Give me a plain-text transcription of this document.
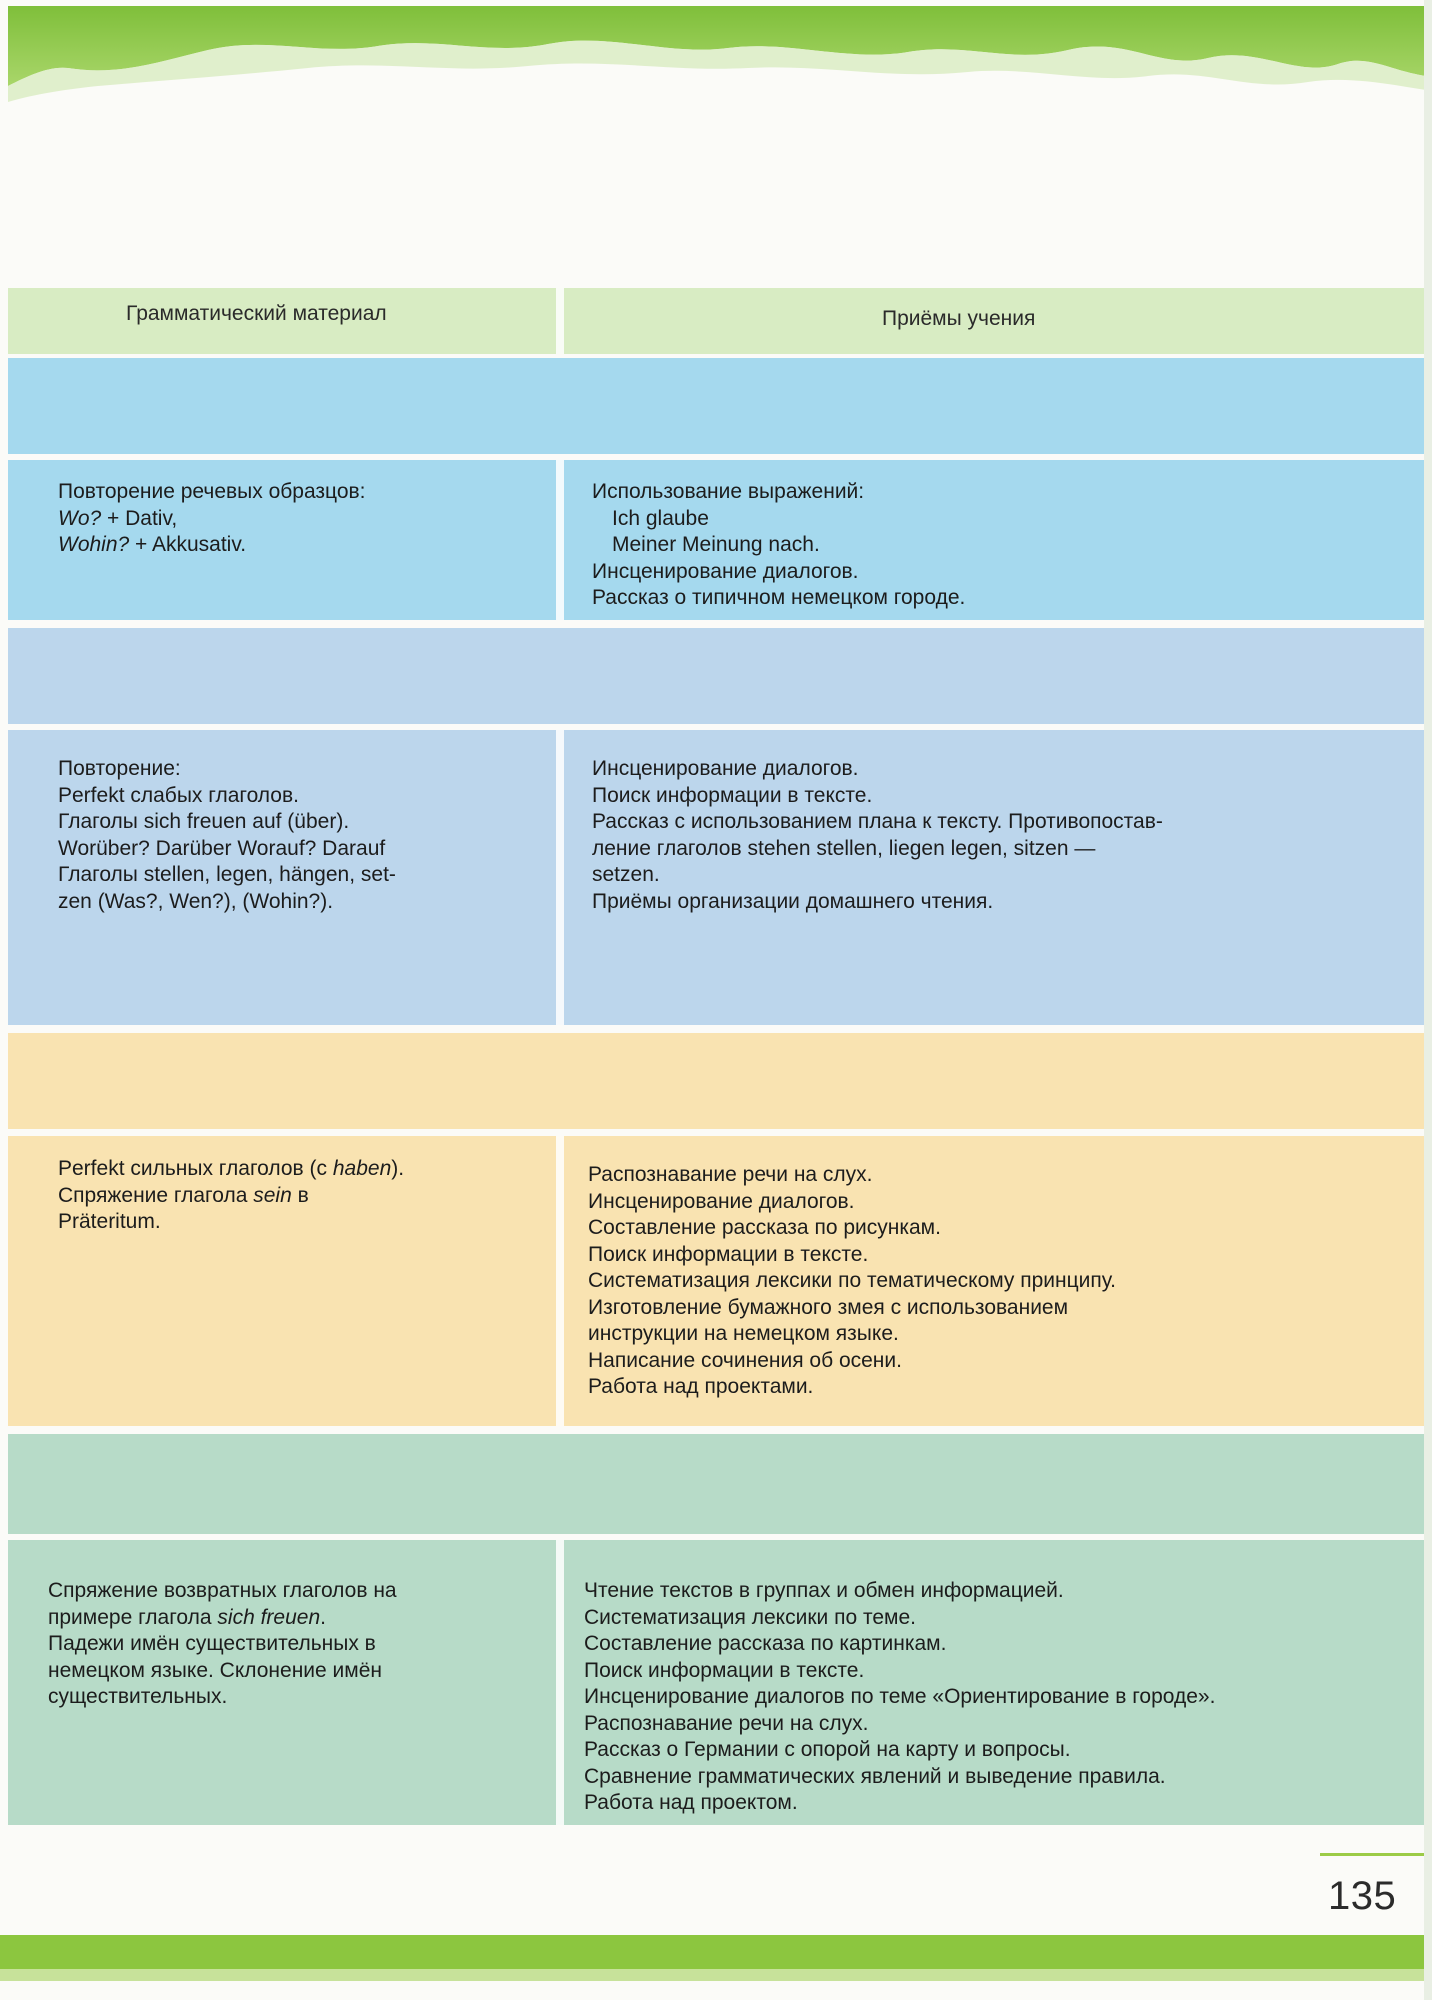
Грамматический материал	Приёмы учения
Повторение речевых образцов:
Wo? + Dativ,
Wohin? + Akkusativ.
Использование выражений:
Ich glaube
Meiner Meinung nach.
Инсценирование диалогов.
Рассказ о типичном немецком городе.
Повторение:
Perfekt слабых глаголов.
Глаголы sich freuen auf (über).
Worüber? Darüber Worauf? Darauf
Глаголы stellen, legen, hängen, set-
zen (Was?, Wen?), (Wohin?).
Инсценирование диалогов.
Поиск информации в тексте.
Рассказ с использованием плана к тексту. Противопостав-
ление глаголов stehen stellen, liegen legen, sitzen —
setzen.
Приёмы организации домашнего чтения.
Perfekt сильных глаголов (с haben).
Спряжение глагола sein в
Präteritum.
Распознавание речи на слух.
Инсценирование диалогов.
Составление рассказа по рисункам.
Поиск информации в тексте.
Систематизация лексики по тематическому принципу.
Изготовление бумажного змея с использованием
инструкции на немецком языке.
Написание сочинения об осени.
Работа над проектами.
Спряжение возвратных глаголов на
примере глагола sich freuen.
Падежи имён существительных в
немецком языке. Склонение имён
существительных.
Чтение текстов в группах и обмен информацией.
Систематизация лексики по теме.
Составление рассказа по картинкам.
Поиск информации в тексте.
Инсценирование диалогов по теме «Ориентирование в городе».
Распознавание речи на слух.
Рассказ о Германии с опорой на карту и вопросы.
Сравнение грамматических явлений и выведение правила.
Работа над проектом.
135
